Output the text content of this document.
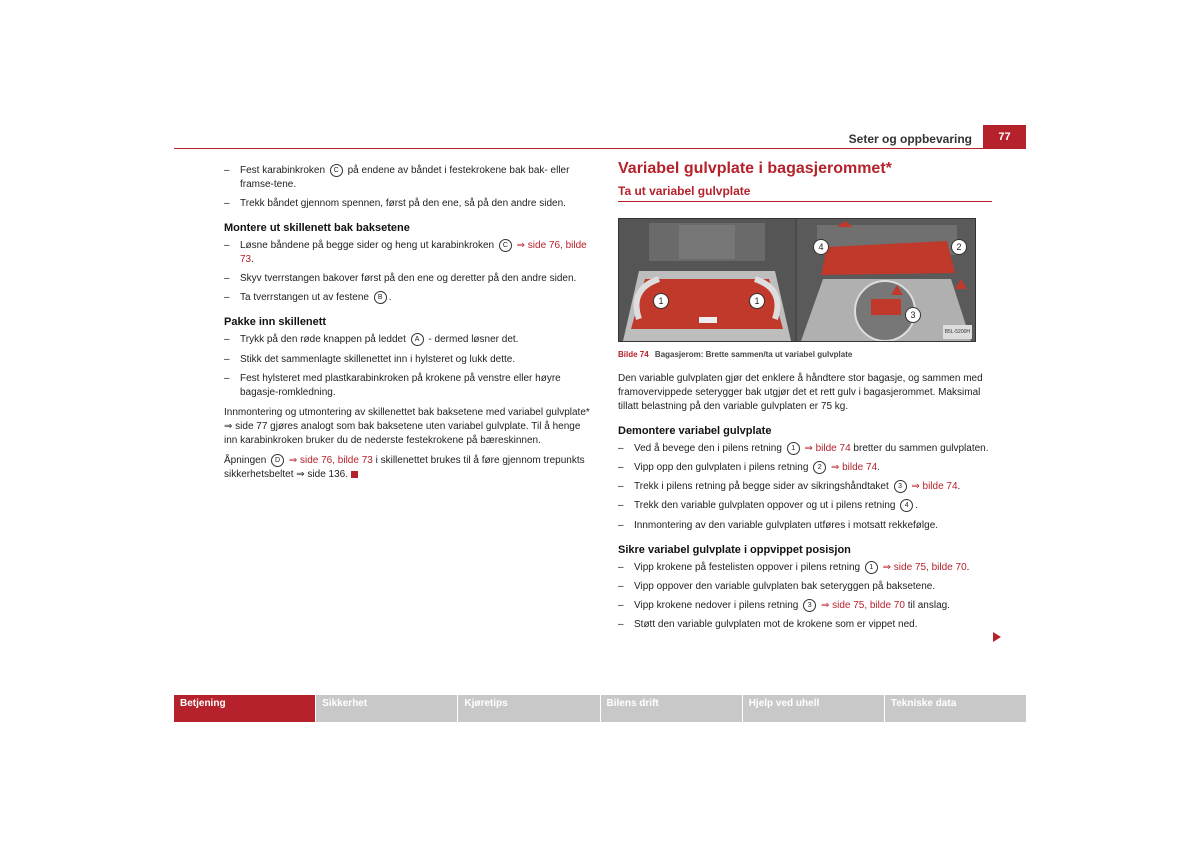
Seter og oppbevaring	77
– Fest karabinkroken C på endene av båndet i festekrokene bak bak- eller framse-tene.
– Trekk båndet gjennom spennen, først på den ene, så på den andre siden.
Montere ut skillenett bak baksetene
– Løsne båndene på begge sider og heng ut karabinkroken C ⇒ side 76, bilde 73.
– Skyv tverrstangen bakover først på den ene og deretter på den andre siden.
– Ta tverrstangen ut av festene B .
Pakke inn skillenett
– Trykk på den røde knappen på leddet A - dermed løsner det.
– Stikk det sammenlagte skillenettet inn i hylsteret og lukk dette.
– Fest hylsteret med plastkarabinkroken på krokene på venstre eller høyre bagasje-romkledning.
Innmontering og utmontering av skillenettet bak baksetene med variabel gulvplate* ⇒ side 77 gjøres analogt som bak baksetene uten variabel gulvplate. Til å henge inn karabinkroken bruker du de nederste festekrokene på bæreskinnen.
Åpningen D ⇒ side 76, bilde 73 i skillenettet brukes til å føre gjennom trepunkts sikkerhetsbeltet ⇒ side 136.
Variabel gulvplate i bagasjerommet*
Ta ut variabel gulvplate
1	1
4	2
3
B5L-5200H
Bilde 74 Bagasjerom: Brette sammen/ta ut variabel gulvplate
Den variable gulvplaten gjør det enklere å håndtere stor bagasje, og sammen med framovervippede seterygger bak utgjør det et rett gulv i bagasjerommet. Maksimal tillatt belastning på den variable gulvplaten er 75 kg.
Demontere variabel gulvplate
– Ved å bevege den i pilens retning 1 ⇒ bilde 74 bretter du sammen gulvplaten.
– Vipp opp den gulvplaten i pilens retning 2 ⇒ bilde 74.
– Trekk i pilens retning på begge sider av sikringshåndtaket 3 ⇒ bilde 74.
– Trekk den variable gulvplaten oppover og ut i pilens retning 4 .
– Innmontering av den variable gulvplaten utføres i motsatt rekkefølge.
Sikre variabel gulvplate i oppvippet posisjon
– Vipp krokene på festelisten oppover i pilens retning 1 ⇒ side 75, bilde 70.
– Vipp oppover den variable gulvplaten bak seteryggen på baksetene.
– Vipp krokene nedover i pilens retning 3 ⇒ side 75, bilde 70 til anslag.
– Støtt den variable gulvplaten mot de krokene som er vippet ned.
Betjening	Sikkerhet	Kjøretips	Bilens drift	Hjelp ved uhell	Tekniske data
